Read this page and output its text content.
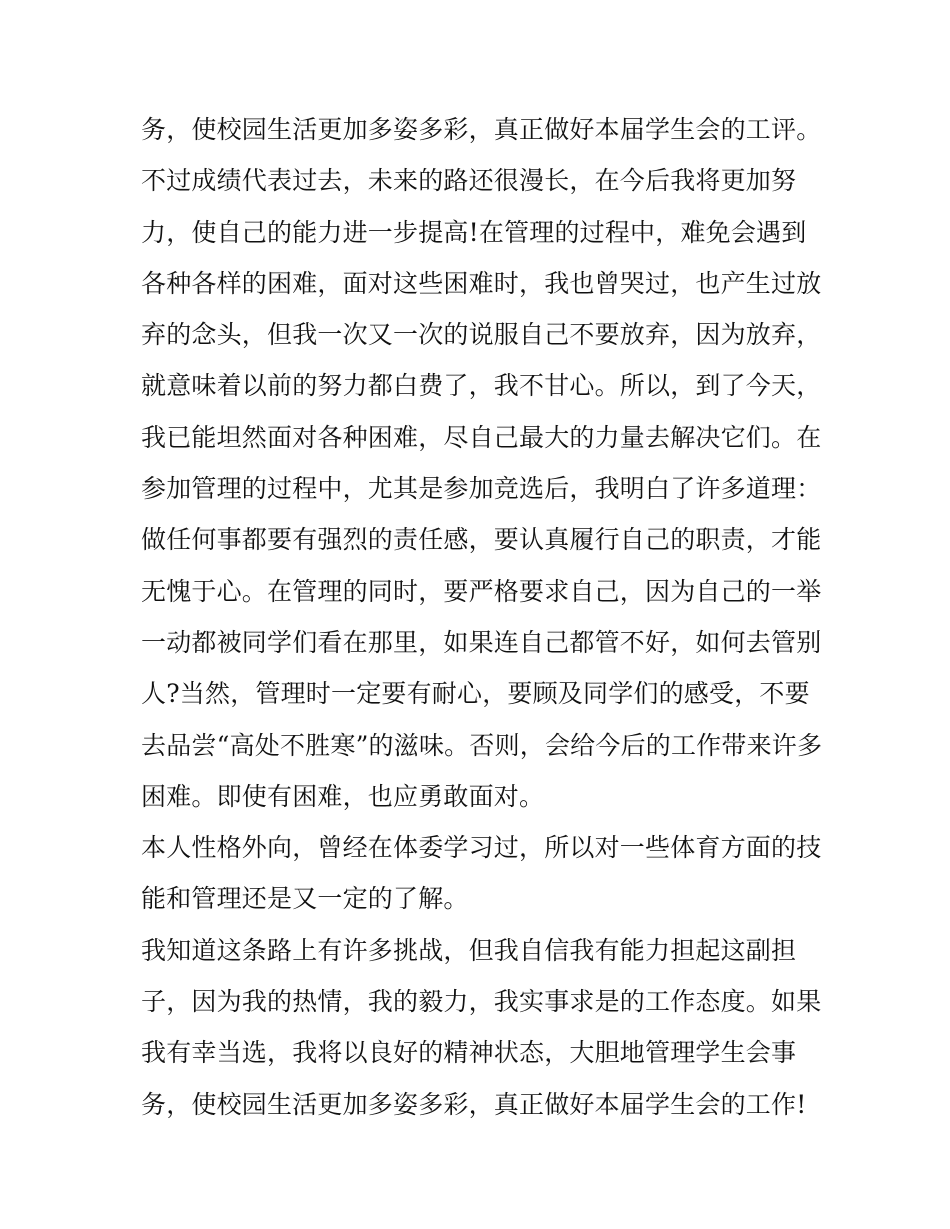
务，使校园生活更加多姿多彩，真正做好本届学生会的工评。
不过成绩代表过去，未来的路还很漫长，在今后我将更加努
力，使自己的能力进一步提高!在管理的过程中，难免会遇到
各种各样的困难，面对这些困难时，我也曾哭过，也产生过放
弃的念头，但我一次又一次的说服自己不要放弃，因为放弃，
就意味着以前的努力都白费了，我不甘心。所以，到了今天，
我已能坦然面对各种困难，尽自己最大的力量去解决它们。在
参加管理的过程中，尤其是参加竞选后，我明白了许多道理：
做任何事都要有强烈的责任感，要认真履行自己的职责，才能
无愧于心。在管理的同时，要严格要求自己，因为自己的一举
一动都被同学们看在那里，如果连自己都管不好，如何去管别
人?当然，管理时一定要有耐心，要顾及同学们的感受，不要
去品尝“高处不胜寒”的滋味。否则，会给今后的工作带来许多
困难。即使有困难，也应勇敢面对。
本人性格外向，曾经在体委学习过，所以对一些体育方面的技
能和管理还是又一定的了解。
我知道这条路上有许多挑战，但我自信我有能力担起这副担
子，因为我的热情，我的毅力，我实事求是的工作态度。如果
我有幸当选，我将以良好的精神状态，大胆地管理学生会事
务，使校园生活更加多姿多彩，真正做好本届学生会的工作!
